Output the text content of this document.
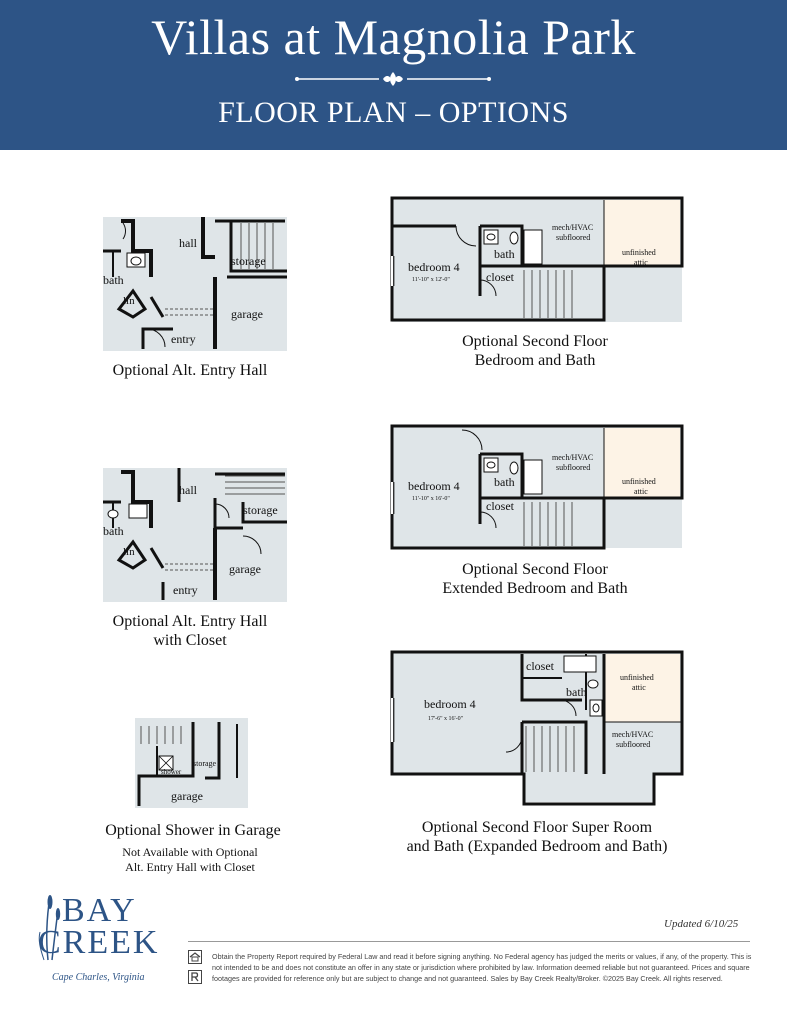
Villas at Magnolia Park
FLOOR PLAN – OPTIONS
hall
bath
storage
lin
garage
entry
Optional Alt. Entry Hall
hall
bath
storage
lin
garage
entry
Optional Alt. Entry Hall
with Closet
shower
storage
garage
Optional Shower in Garage
Not Available with Optional
Alt. Entry Hall with Closet
bedroom 4
11'-10" x 12'-0"
bath
closet
mech/HVAC
subfloored
unfinished
attic
Optional Second Floor
Bedroom and Bath
bedroom 4
11'-10" x 16'-0"
bath
closet
mech/HVAC
subfloored
unfinished
attic
Optional Second Floor
Extended Bedroom and Bath
bedroom 4
17'-6" x 16'-0"
closet
bath
mech/HVAC
subfloored
unfinished
attic
Optional Second Floor Super Room
and Bath (Expanded Bedroom and Bath)
BAY
CREEK
Cape Charles, Virginia
Updated 6/10/25
Obtain the Property Report required by Federal Law and read it before signing anything. No Federal agency has judged the merits or values, if any, of the property. This is not intended to be and does not constitute an offer in any state or jurisdiction where prohibited by law. Information deemed reliable but not guaranteed. Prices and square footages are provided for reference only but are subject to change and not guaranteed. Sales by Bay Creek Realty/Broker. ©2025 Bay Creek. All rights reserved.
